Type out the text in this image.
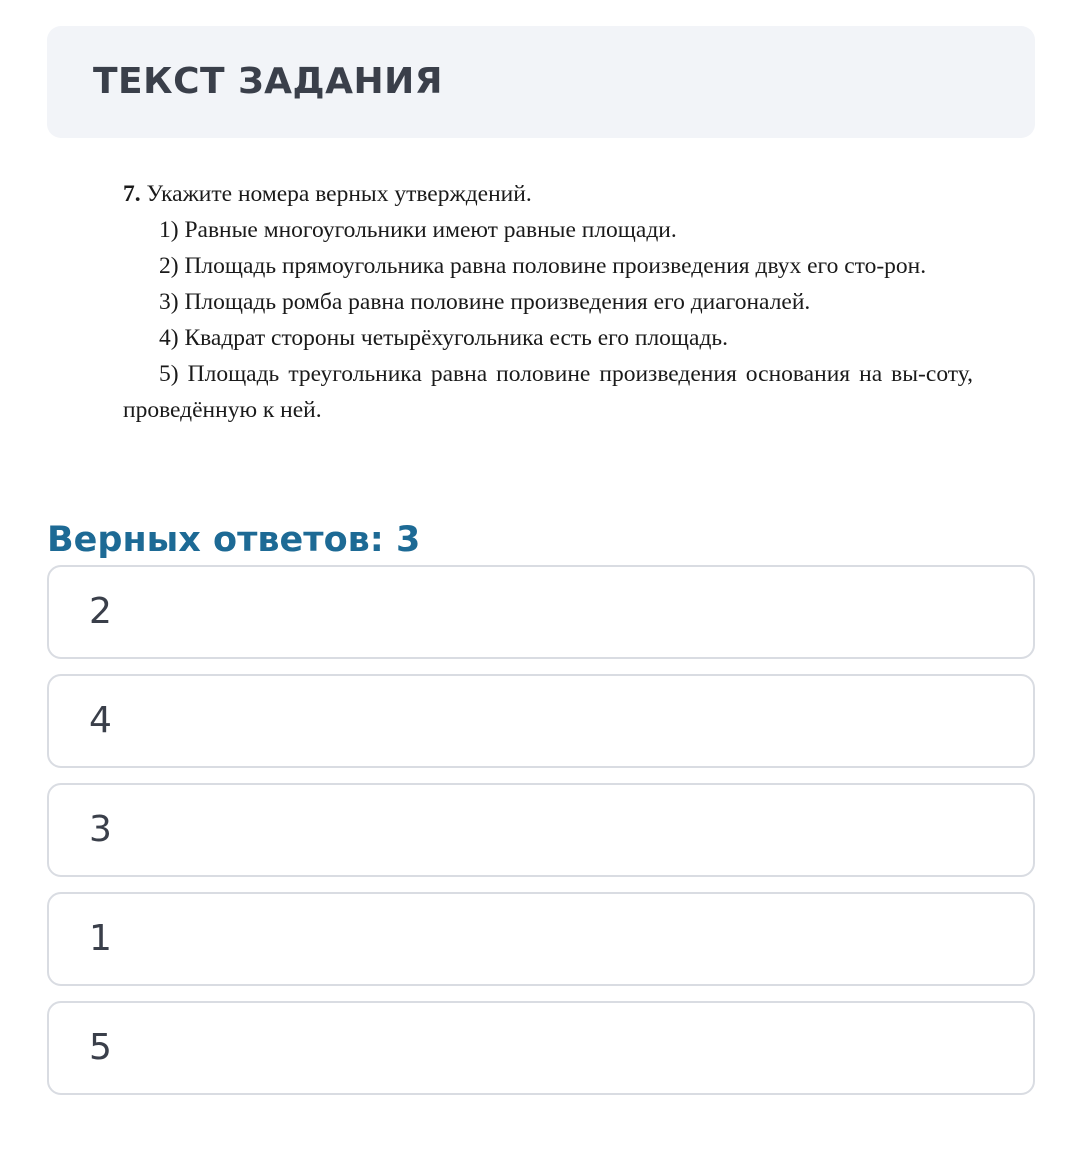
ТЕКСТ ЗАДАНИЯ

7. Укажите номера верных утверждений.

1) Равные многоугольники имеют равные площади.

2) Площадь прямоугольника равна половине произведения двух его сто-рон.

3) Площадь ромба равна половине произведения его диагоналей.

4) Квадрат стороны четырёхугольника есть его площадь.

5) Площадь треугольника равна половине произведения основания на вы-соту, проведённую к ней.

Верных ответов: 3
2
4
3
1
5
